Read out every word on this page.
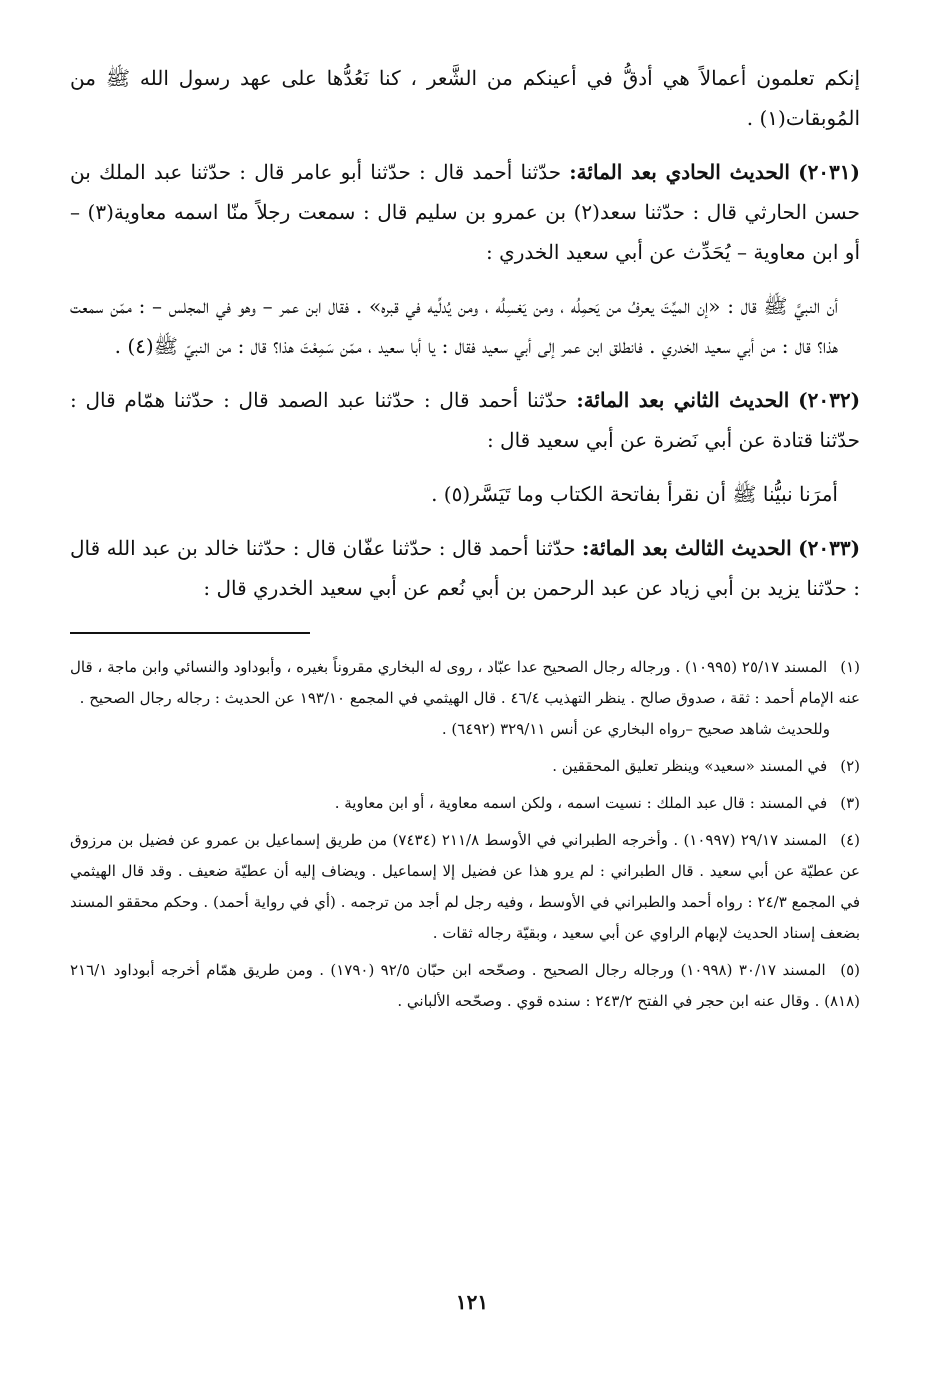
إنكم تعلمون أعمالاً هي أدقُّ في أعينكم من الشَّعر ، كنا نَعُدُّها على عهد رسول الله ﷺ من المُوبقات(١) .

(٢٠٣١) الحديث الحادي بعد المائة: حدّثنا أحمد قال : حدّثنا أبو عامر قال : حدّثنا عبد الملك بن حسن الحارثي قال : حدّثنا سعد(٢) بن عمرو بن سليم قال : سمعت رجلاً منّا اسمه معاوية(٣) – أو ابن معاوية – يُحَدِّث عن أبي سعيد الخدري :

أن النبيَّ ﷺ قال : «إن الميِّتَ يعرفُ من يَحمِلُه ، ومن يَغسِلُه ، ومن يُدلِّيه في قبره» . فقال ابن عمر – وهو في المجلس – : ممّن سمعت هذا؟ قال : من أبي سعيد الخدري . فانطلق ابن عمر إلى أبي سعيد فقال : يا أبا سعيد ، ممّن سَمِعْتَ هذا؟ قال : من النبيّ ﷺ(٤) .

(٢٠٣٢) الحديث الثاني بعد المائة: حدّثنا أحمد قال : حدّثنا عبد الصمد قال : حدّثنا همّام قال : حدّثنا قتادة عن أبي نَضرة عن أبي سعيد قال :

أمرَنا نبيُّنا ﷺ أن نقرأ بفاتحة الكتاب وما تَيَسَّر(٥) .

(٢٠٣٣) الحديث الثالث بعد المائة: حدّثنا أحمد قال : حدّثنا عفّان قال : حدّثنا خالد بن عبد الله قال : حدّثنا يزيد بن أبي زياد عن عبد الرحمن بن أبي نُعم عن أبي سعيد الخدري قال :

(١) المسند ٢٥/١٧ (١٠٩٩٥) . ورجاله رجال الصحيح عدا عبّاد ، روى له البخاري مقروناً بغيره ، وأبوداود والنسائي وابن ماجة ، قال عنه الإمام أحمد : ثقة ، صدوق صالح . ينظر التهذيب ٤٦/٤ . قال الهيثمي في المجمع ١٩٣/١٠ عن الحديث : رجاله رجال الصحيح .
وللحديث شاهد صحيح –رواه البخاري عن أنس ٣٢٩/١١ (٦٤٩٢) .
(٢) في المسند «سعيد» وينظر تعليق المحققين .
(٣) في المسند : قال عبد الملك : نسيت اسمه ، ولكن اسمه معاوية ، أو ابن معاوية .
(٤) المسند ٢٩/١٧ (١٠٩٩٧) . وأخرجه الطبراني في الأوسط ٢١١/٨ (٧٤٣٤) من طريق إسماعيل بن عمرو عن فضيل بن مرزوق عن عطيّة عن أبي سعيد . قال الطبراني : لم يرو هذا عن فضيل إلا إسماعيل . ويضاف إليه أن عطيّة ضعيف . وقد قال الهيثمي في المجمع ٢٤/٣ : رواه أحمد والطبراني في الأوسط ، وفيه رجل لم أجد من ترجمه . (أي في رواية أحمد) . وحكم محققو المسند بضعف إسناد الحديث لإبهام الراوي عن أبي سعيد ، وبقيّة رجاله ثقات .
(٥) المسند ٣٠/١٧ (١٠٩٩٨) ورجاله رجال الصحيح . وصحّحه ابن حبّان ٩٢/٥ (١٧٩٠) . ومن طريق همّام أخرجه أبوداود ٢١٦/١ (٨١٨) . وقال عنه ابن حجر في الفتح ٢٤٣/٢ : سنده قوي . وصحّحه الألباني .
١٢١
